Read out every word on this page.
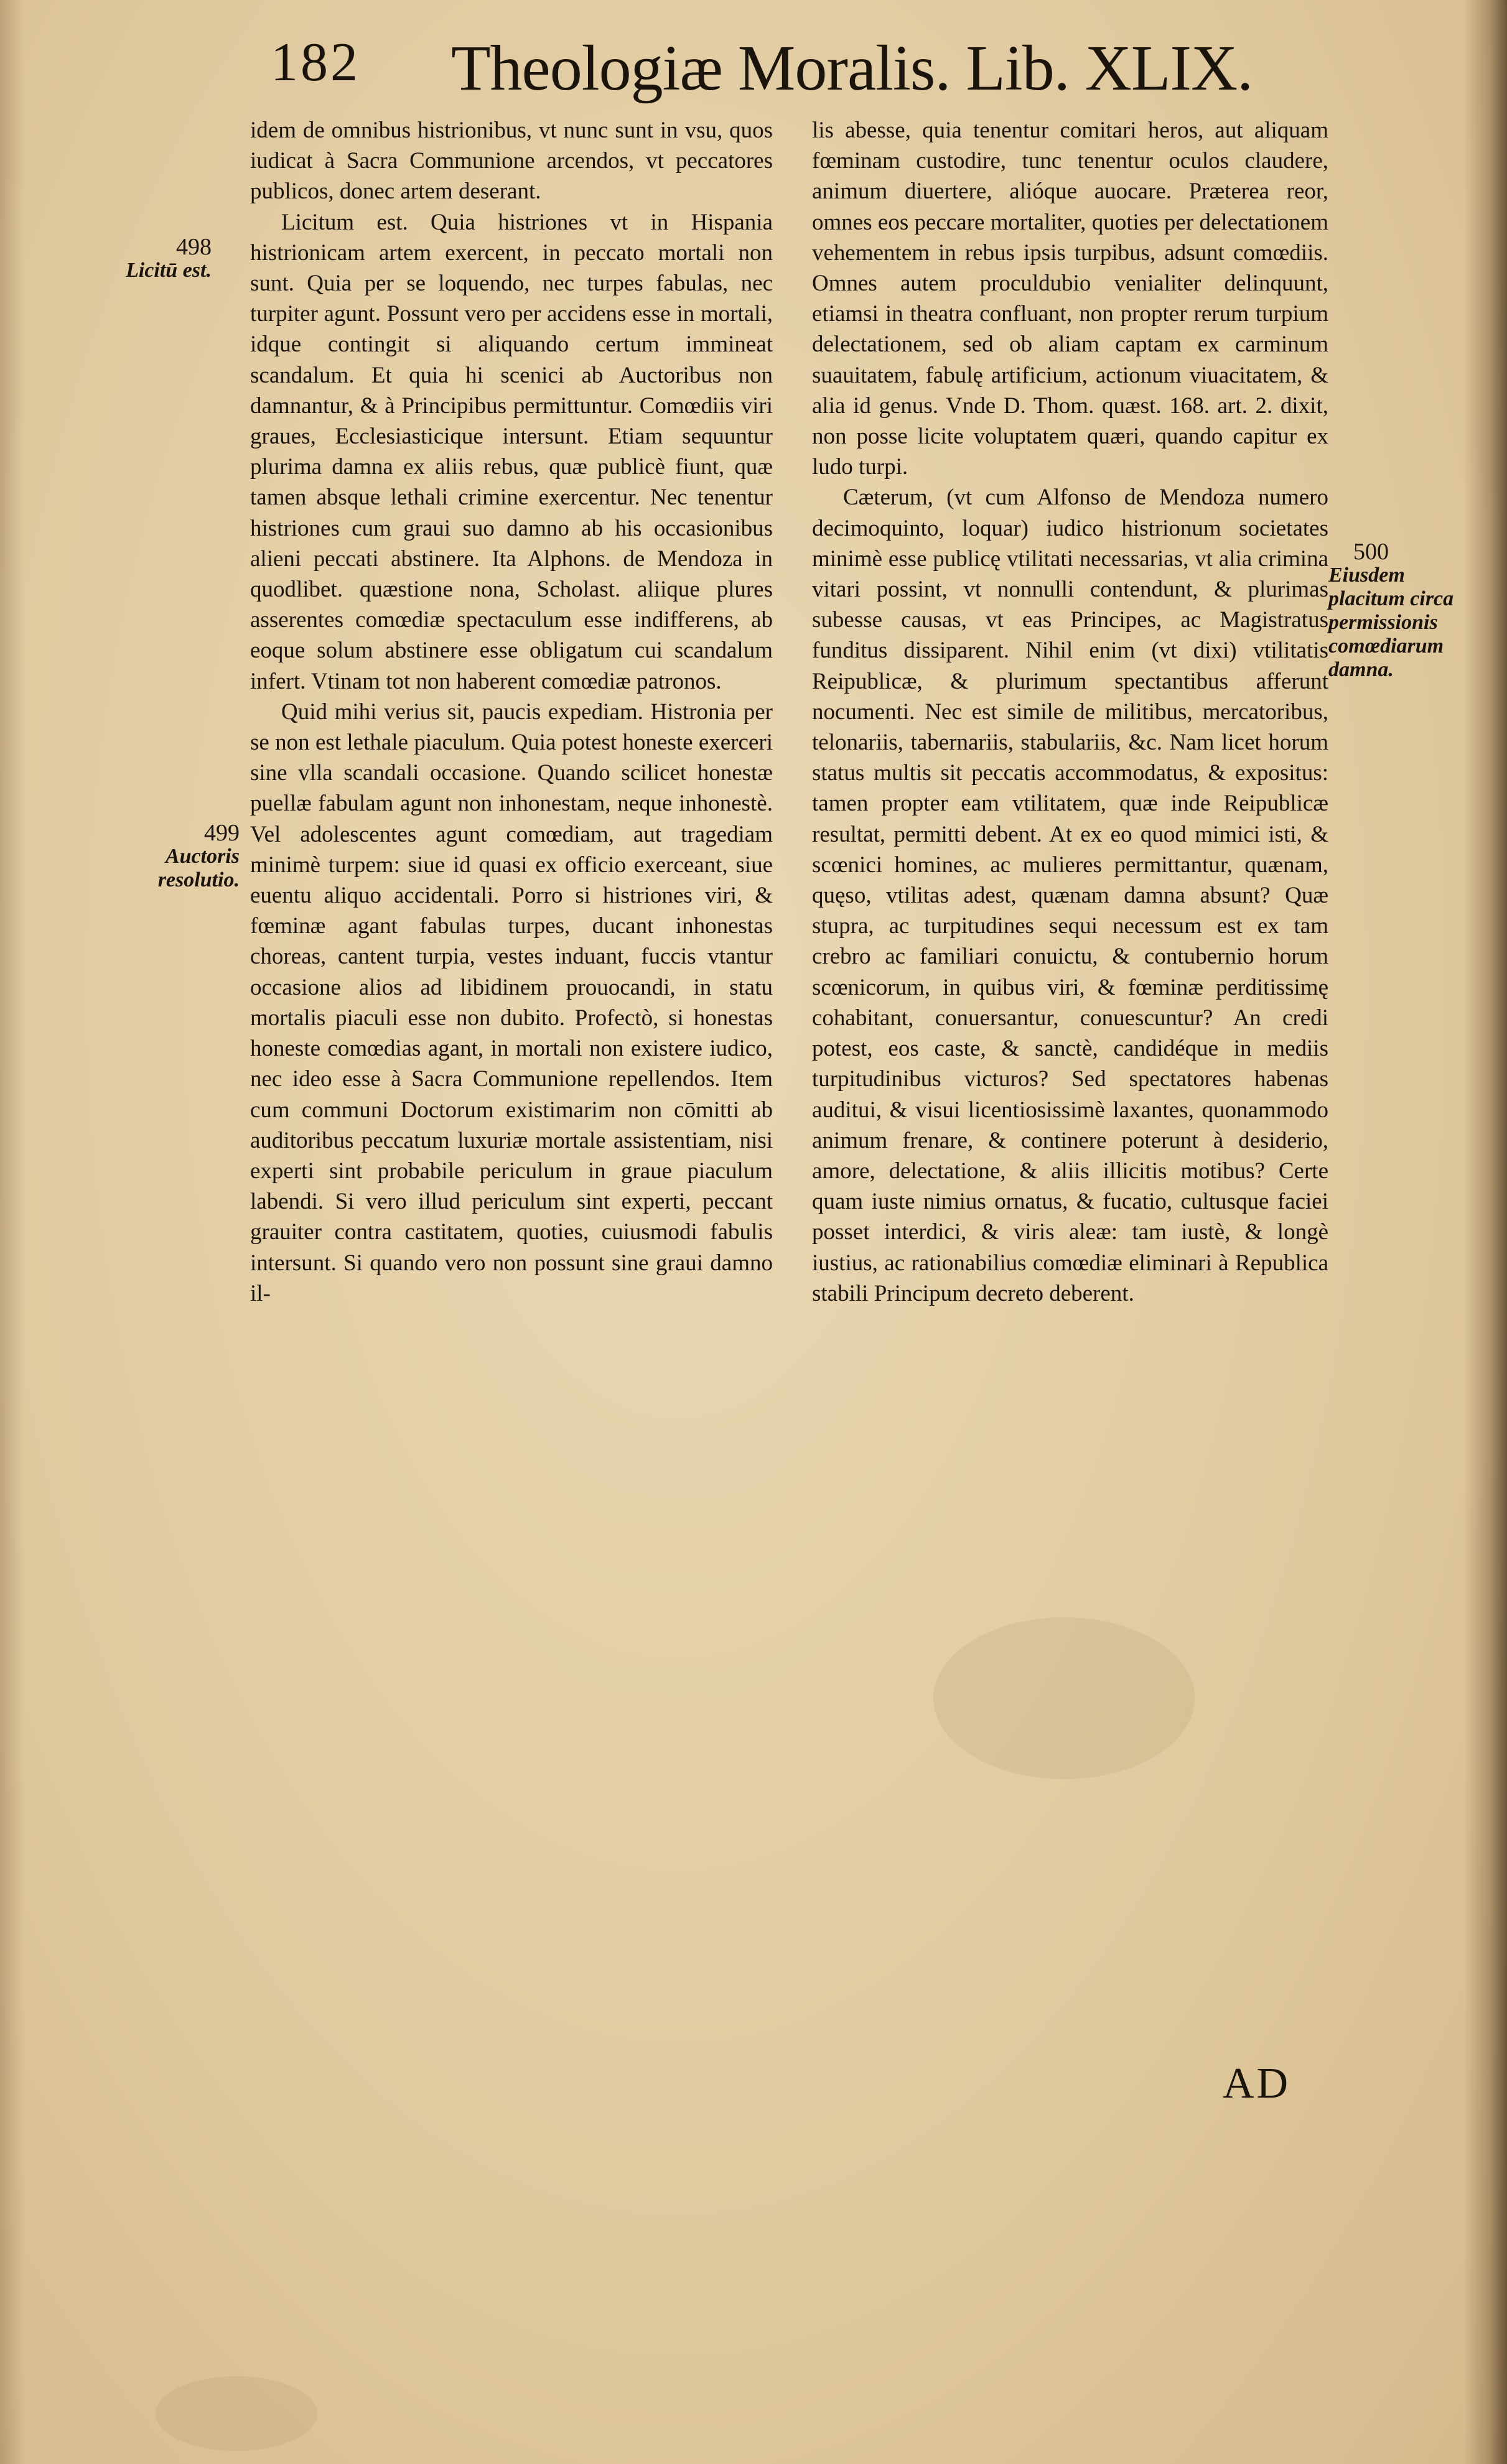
182 Theologiæ Moralis. Lib. XLIX.

idem de omnibus histrionibus, vt nunc sunt in vsu, quos iudicat à Sacra Communione arcendos, vt peccatores publicos, donec artem deserant.

Licitum est. Quia histriones vt in Hispania histrionicam artem exercent, in peccato mortali non sunt. Quia per se loquendo, nec turpes fabulas, nec turpiter agunt. Possunt vero per accidens esse in mortali, idque contingit si aliquando certum immineat scandalum. Et quia hi scenici ab Auctoribus non damnantur, & à Principibus permittuntur. Comœdiis viri graues, Ecclesiasticique intersunt. Etiam sequuntur plurima damna ex aliis rebus, quæ publicè fiunt, quæ tamen absque lethali crimine exercentur. Nec tenentur histriones cum graui suo damno ab his occasionibus alieni peccati abstinere. Ita Alphons. de Mendoza in quodlibet. quæstione nona, Scholast. aliique plures asserentes comœdiæ spectaculum esse indifferens, ab eoque solum abstinere esse obligatum cui scandalum infert. Vtinam tot non haberent comœdiæ patronos.

Quid mihi verius sit, paucis expediam. Histronia per se non est lethale piaculum. Quia potest honeste exerceri sine vlla scandali occasione. Quando scilicet honestæ puellæ fabulam agunt non inhonestam, neque inhonestè. Vel adolescentes agunt comœdiam, aut tragediam minimè turpem: siue id quasi ex officio exerceant, siue euentu aliquo accidentali. Porro si histriones viri, & fœminæ agant fabulas turpes, ducant inhonestas choreas, cantent turpia, vestes induant, fuccis vtantur occasione alios ad libidinem prouocandi, in statu mortalis piaculi esse non dubito. Profectò, si honestas honeste comœdias agant, in mortali non existere iudico, nec ideo esse à Sacra Communione repellendos. Item cum communi Doctorum existimarim non cōmitti ab auditoribus peccatum luxuriæ mortale assistentiam, nisi experti sint probabile periculum in graue piaculum labendi. Si vero illud periculum sint experti, peccant grauiter contra castitatem, quoties, cuiusmodi fabulis intersunt. Si quando vero non possunt sine graui damno il-

lis abesse, quia tenentur comitari heros, aut aliquam fœminam custodire, tunc tenentur oculos claudere, animum diuertere, alióque auocare. Præterea reor, omnes eos peccare mortaliter, quoties per delectationem vehementem in rebus ipsis turpibus, adsunt comœdiis. Omnes autem proculdubio venialiter delinquunt, etiamsi in theatra confluant, non propter rerum turpium delectationem, sed ob aliam captam ex carminum suauitatem, fabulę artificium, actionum viuacitatem, & alia id genus. Vnde D. Thom. quæst. 168. art. 2. dixit, non posse licite voluptatem quæri, quando capitur ex ludo turpi.

Cæterum, (vt cum Alfonso de Mendoza numero decimoquinto, loquar) iudico histrionum societates minimè esse publicę vtilitati necessarias, vt alia crimina vitari possint, vt nonnulli contendunt, & plurimas subesse causas, vt eas Principes, ac Magistratus funditus dissiparent. Nihil enim (vt dixi) vtilitatis Reipublicæ, & plurimum spectantibus afferunt nocumenti. Nec est simile de militibus, mercatoribus, telonariis, tabernariis, stabulariis, &c. Nam licet horum status multis sit peccatis accommodatus, & expositus: tamen propter eam vtilitatem, quæ inde Reipublicæ resultat, permitti debent. At ex eo quod mimici isti, & scœnici homines, ac mulieres permittantur, quænam, quęso, vtilitas adest, quænam damna absunt? Quæ stupra, ac turpitudines sequi necessum est ex tam crebro ac familiari conuictu, & contubernio horum scœnicorum, in quibus viri, & fœminæ perditissimę cohabitant, conuersantur, conuescuntur? An credi potest, eos caste, & sanctè, candidéque in mediis turpitudinibus victuros? Sed spectatores habenas auditui, & visui licentiosissimè laxantes, quonammodo animum frenare, & continere poterunt à desiderio, amore, delectatione, & aliis illicitis motibus? Certe quam iuste nimius ornatus, & fucatio, cultusque faciei posset interdici, & viris aleæ: tam iustè, & longè iustius, ac rationabilius comœdiæ eliminari à Republica stabili Principum decreto deberent.

498
Licitū est.
499
Auctoris resolutio.
500
Eiusdem placitum circa permissionis comœdiarum damna.
AD
